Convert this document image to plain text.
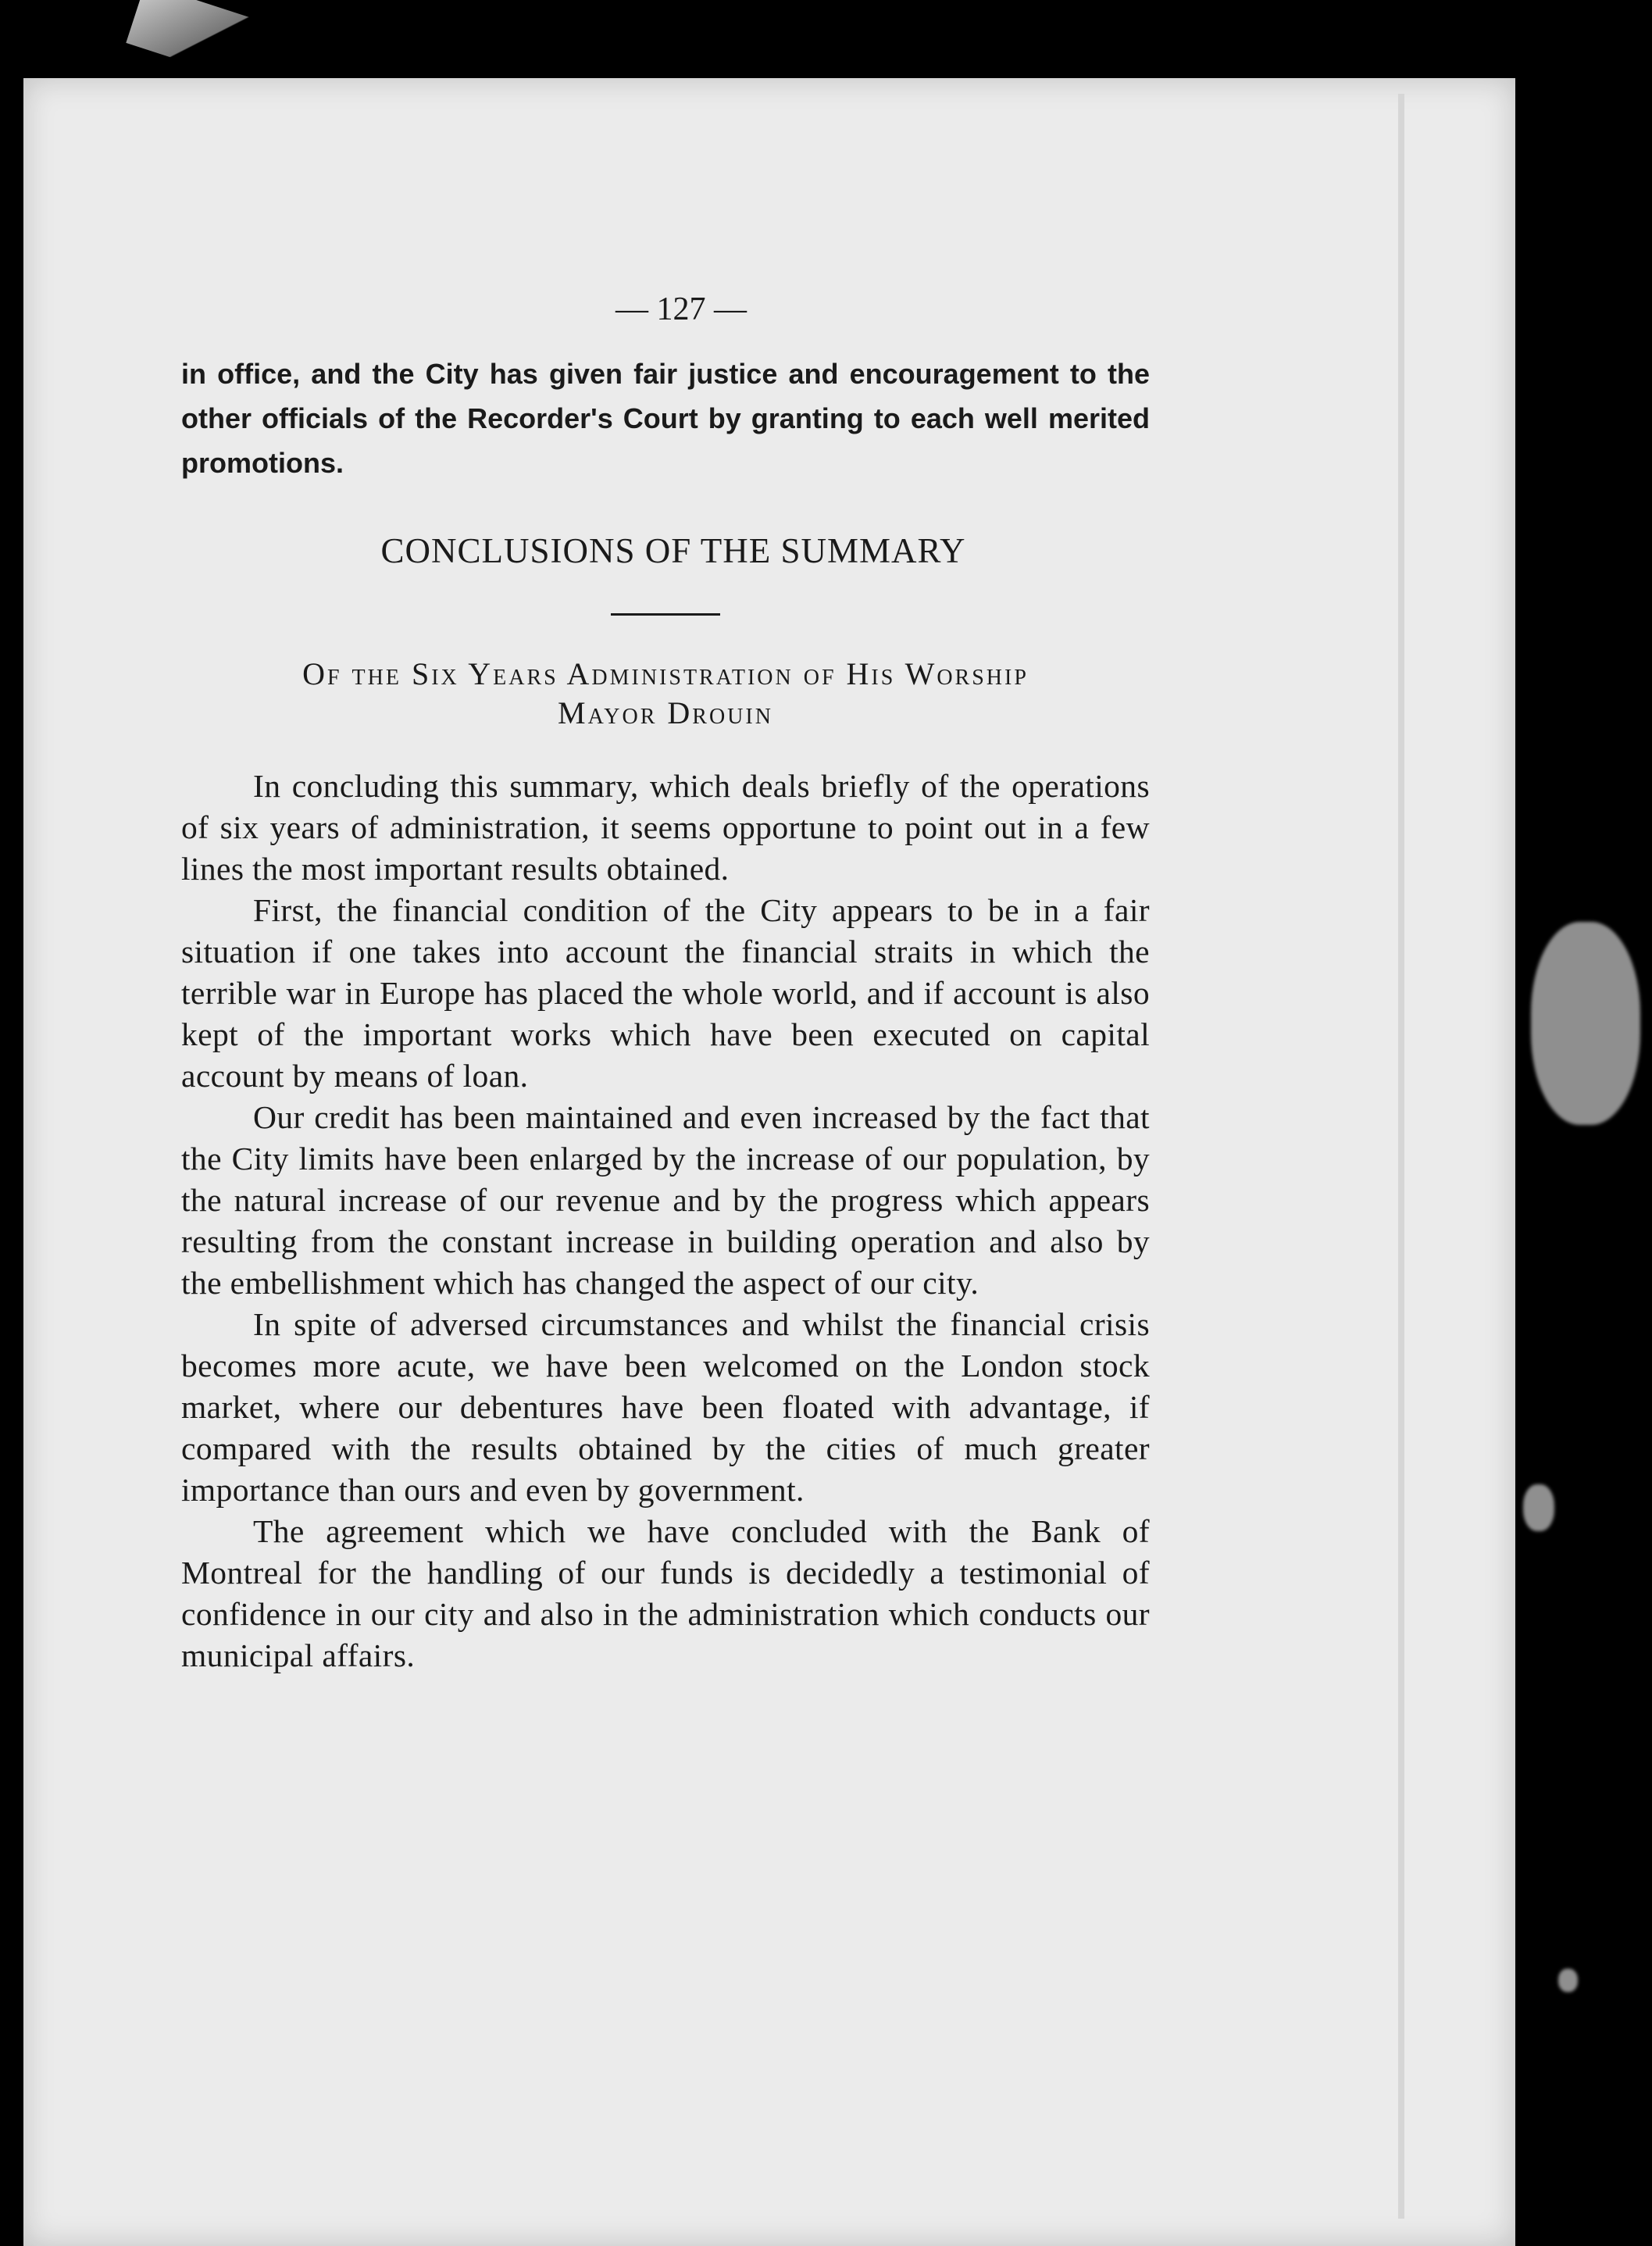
— 127 —

in office, and the City has given fair justice and encouragement to the other officials of the Recorder's Court by granting to each well merited promotions.

CONCLUSIONS OF THE SUMMARY
Of the Six Years Administration of His Worship
Mayor Drouin

In concluding this summary, which deals briefly of the operations of six years of administration, it seems opportune to point out in a few lines the most important results obtained.

First, the financial condition of the City appears to be in a fair situation if one takes into account the financial straits in which the terrible war in Europe has placed the whole world, and if account is also kept of the important works which have been executed on capital account by means of loan.

Our credit has been maintained and even increased by the fact that the City limits have been enlarged by the increase of our population, by the natural increase of our revenue and by the progress which appears resulting from the constant increase in building operation and also by the embellishment which has changed the aspect of our city.

In spite of adversed circumstances and whilst the financial crisis becomes more acute, we have been welcomed on the London stock market, where our debentures have been floated with advantage, if compared with the results obtained by the cities of much greater importance than ours and even by government.

The agreement which we have concluded with the Bank of Montreal for the handling of our funds is decidedly a testimonial of confidence in our city and also in the administration which conducts our municipal affairs.
